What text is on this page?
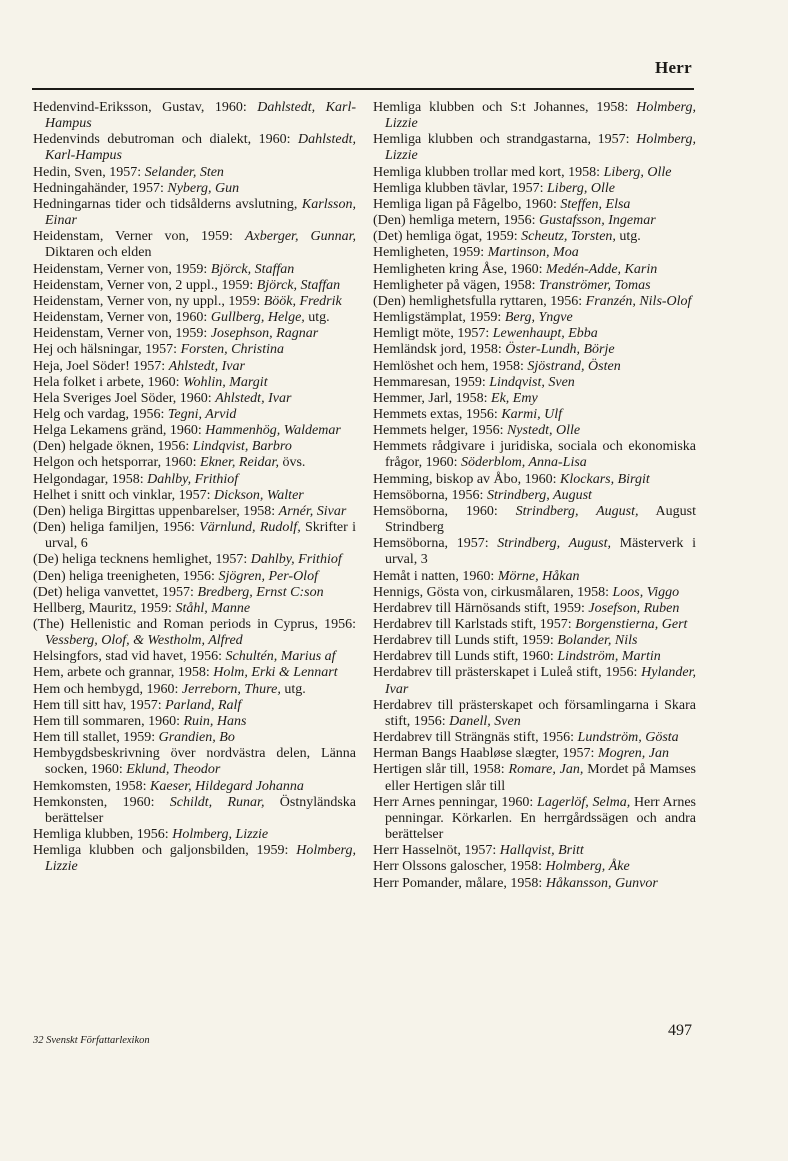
Herr

Hedenvind-Eriksson, Gustav, 1960: Dahlstedt, Karl-Hampus

Hedenvinds debutroman och dialekt, 1960: Dahlstedt, Karl-Hampus

Hedin, Sven, 1957: Selander, Sten

Hedningahänder, 1957: Nyberg, Gun

Hedningarnas tider och tidsålderns avslutning, Karlsson, Einar

Heidenstam, Verner von, 1959: Axberger, Gunnar, Diktaren och elden

Heidenstam, Verner von, 1959: Björck, Staffan

Heidenstam, Verner von, 2 uppl., 1959: Björck, Staffan

Heidenstam, Verner von, ny uppl., 1959: Böök, Fredrik

Heidenstam, Verner von, 1960: Gullberg, Helge, utg.

Heidenstam, Verner von, 1959: Josephson, Ragnar

Hej och hälsningar, 1957: Forsten, Christina

Heja, Joel Söder! 1957: Ahlstedt, Ivar

Hela folket i arbete, 1960: Wohlin, Margit

Hela Sveriges Joel Söder, 1960: Ahlstedt, Ivar

Helg och vardag, 1956: Tegni, Arvid

Helga Lekamens gränd, 1960: Hammenhög, Waldemar

(Den) helgade öknen, 1956: Lindqvist, Barbro

Helgon och hetsporrar, 1960: Ekner, Reidar, övs.

Helgondagar, 1958: Dahlby, Frithiof

Helhet i snitt och vinklar, 1957: Dickson, Walter

(Den) heliga Birgittas uppenbarelser, 1958: Arnér, Sivar

(Den) heliga familjen, 1956: Värnlund, Rudolf, Skrifter i urval, 6

(De) heliga tecknens hemlighet, 1957: Dahlby, Frithiof

(Den) heliga treenigheten, 1956: Sjögren, Per-Olof

(Det) heliga vanvettet, 1957: Bredberg, Ernst C:son

Hellberg, Mauritz, 1959: Ståhl, Manne

(The) Hellenistic and Roman periods in Cyprus, 1956: Vessberg, Olof, & Westholm, Alfred

Helsingfors, stad vid havet, 1956: Schultén, Marius af

Hem, arbete och grannar, 1958: Holm, Erki & Lennart

Hem och hembygd, 1960: Jerreborn, Thure, utg.

Hem till sitt hav, 1957: Parland, Ralf

Hem till sommaren, 1960: Ruin, Hans

Hem till stallet, 1959: Grandien, Bo

Hembygdsbeskrivning över nordvästra delen, Länna socken, 1960: Eklund, Theodor

Hemkomsten, 1958: Kaeser, Hildegard Johanna

Hemkonsten, 1960: Schildt, Runar, Östnyländska berättelser

Hemliga klubben, 1956: Holmberg, Lizzie

Hemliga klubben och galjonsbilden, 1959: Holmberg, Lizzie

Hemliga klubben och S:t Johannes, 1958: Holmberg, Lizzie

Hemliga klubben och strandgastarna, 1957: Holmberg, Lizzie

Hemliga klubben trollar med kort, 1958: Liberg, Olle

Hemliga klubben tävlar, 1957: Liberg, Olle

Hemliga ligan på Fågelbo, 1960: Steffen, Elsa

(Den) hemliga metern, 1956: Gustafsson, Ingemar

(Det) hemliga ögat, 1959: Scheutz, Torsten, utg.

Hemligheten, 1959: Martinson, Moa

Hemligheten kring Åse, 1960: Medén-Adde, Karin

Hemligheter på vägen, 1958: Tranströmer, Tomas

(Den) hemlighetsfulla ryttaren, 1956: Franzén, Nils-Olof

Hemligstämplat, 1959: Berg, Yngve

Hemligt möte, 1957: Lewenhaupt, Ebba

Hemländsk jord, 1958: Öster-Lundh, Börje

Hemlöshet och hem, 1958: Sjöstrand, Östen

Hemmaresan, 1959: Lindqvist, Sven

Hemmer, Jarl, 1958: Ek, Emy

Hemmets extas, 1956: Karmi, Ulf

Hemmets helger, 1956: Nystedt, Olle

Hemmets rådgivare i juridiska, sociala och ekonomiska frågor, 1960: Söderblom, Anna-Lisa

Hemming, biskop av Åbo, 1960: Klockars, Birgit

Hemsöborna, 1956: Strindberg, August

Hemsöborna, 1960: Strindberg, August, August Strindberg

Hemsöborna, 1957: Strindberg, August, Mästerverk i urval, 3

Hemåt i natten, 1960: Mörne, Håkan

Hennigs, Gösta von, cirkusmålaren, 1958: Loos, Viggo

Herdabrev till Härnösands stift, 1959: Josefson, Ruben

Herdabrev till Karlstads stift, 1957: Borgenstierna, Gert

Herdabrev till Lunds stift, 1959: Bolander, Nils

Herdabrev till Lunds stift, 1960: Lindström, Martin

Herdabrev till prästerskapet i Luleå stift, 1956: Hylander, Ivar

Herdabrev till prästerskapet och församlingarna i Skara stift, 1956: Danell, Sven

Herdabrev till Strängnäs stift, 1956: Lundström, Gösta

Herman Bangs Haabløse slægter, 1957: Mogren, Jan

Hertigen slår till, 1958: Romare, Jan, Mordet på Mamses eller Hertigen slår till

Herr Arnes penningar, 1960: Lagerlöf, Selma, Herr Arnes penningar. Körkarlen. En herrgårdssägen och andra berättelser

Herr Hasselnöt, 1957: Hallqvist, Britt

Herr Olssons galoscher, 1958: Holmberg, Åke

Herr Pomander, målare, 1958: Håkansson, Gunvor

32 Svenskt Författarlexikon
497
